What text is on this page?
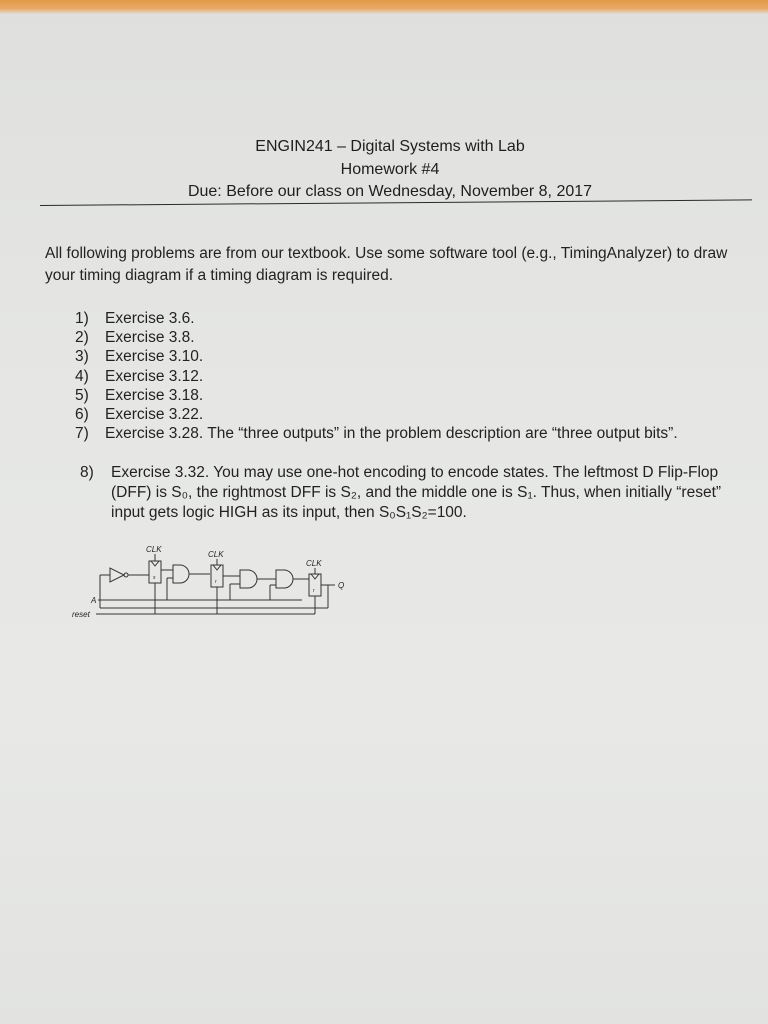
ENGIN241 – Digital Systems with Lab
Homework #4
Due: Before our class on Wednesday, November 8, 2017
All following problems are from our textbook. Use some software tool (e.g., TimingAnalyzer) to draw your timing diagram if a timing diagram is required.
1)	Exercise 3.6.
2)	Exercise 3.8.
3)	Exercise 3.10.
4)	Exercise 3.12.
5)	Exercise 3.18.
6)	Exercise 3.22.
7)	Exercise 3.28. The “three outputs” in the problem description are “three output bits”.
8)	Exercise 3.32. You may use one-hot encoding to encode states. The leftmost D Flip-Flop (DFF) is S₀, the rightmost DFF is S₂, and the middle one is S₁. Thus, when initially “reset” input gets logic HIGH as its input, then S₀S₁S₂=100.
CLK
CLK
CLK
s
r
r
Q
A
reset
